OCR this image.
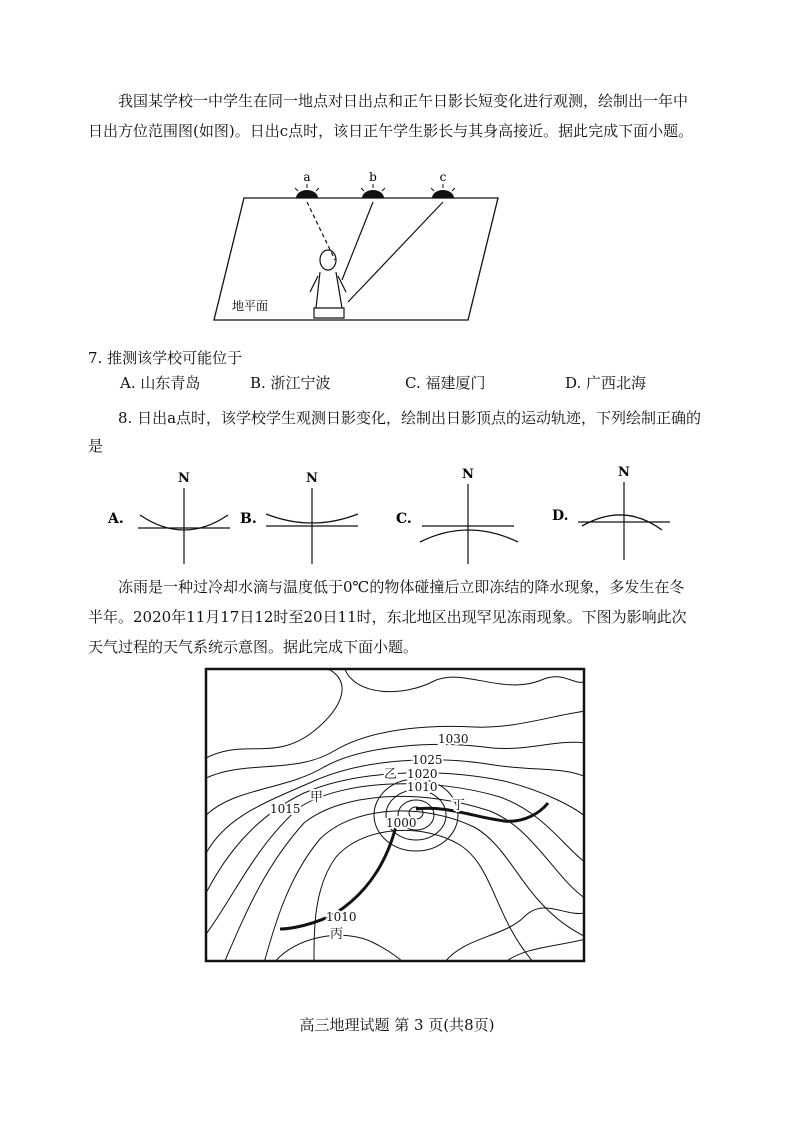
我国某学校一中学生在同一地点对日出点和正午日影长短变化进行观测，绘制出一年中日出方位范围图(如图)。日出c点时，该日正午学生影长与其身高接近。据此完成下面小题。

a	b	c
地平面

7. 推测该学校可能位于

A. 山东青岛	B. 浙江宁波	C. 福建厦门	D. 广西北海

8. 日出a点时，该学校学生观测日影变化，绘制出日影顶点的运动轨迹，下列绘制正确的是

A.
N
B.
N
C.
N
D.
N

冻雨是一种过冷却水滴与温度低于0℃的物体碰撞后立即冻结的降水现象，多发生在冬半年。2020年11月17日12时至20日11时，东北地区出现罕见冻雨现象。下图为影响此次天气过程的天气系统示意图。据此完成下面小题。

1030
1025
1020
1010
1015
1000
1010
甲
乙
丙
丁
高三地理试题 第 3 页(共8页)
